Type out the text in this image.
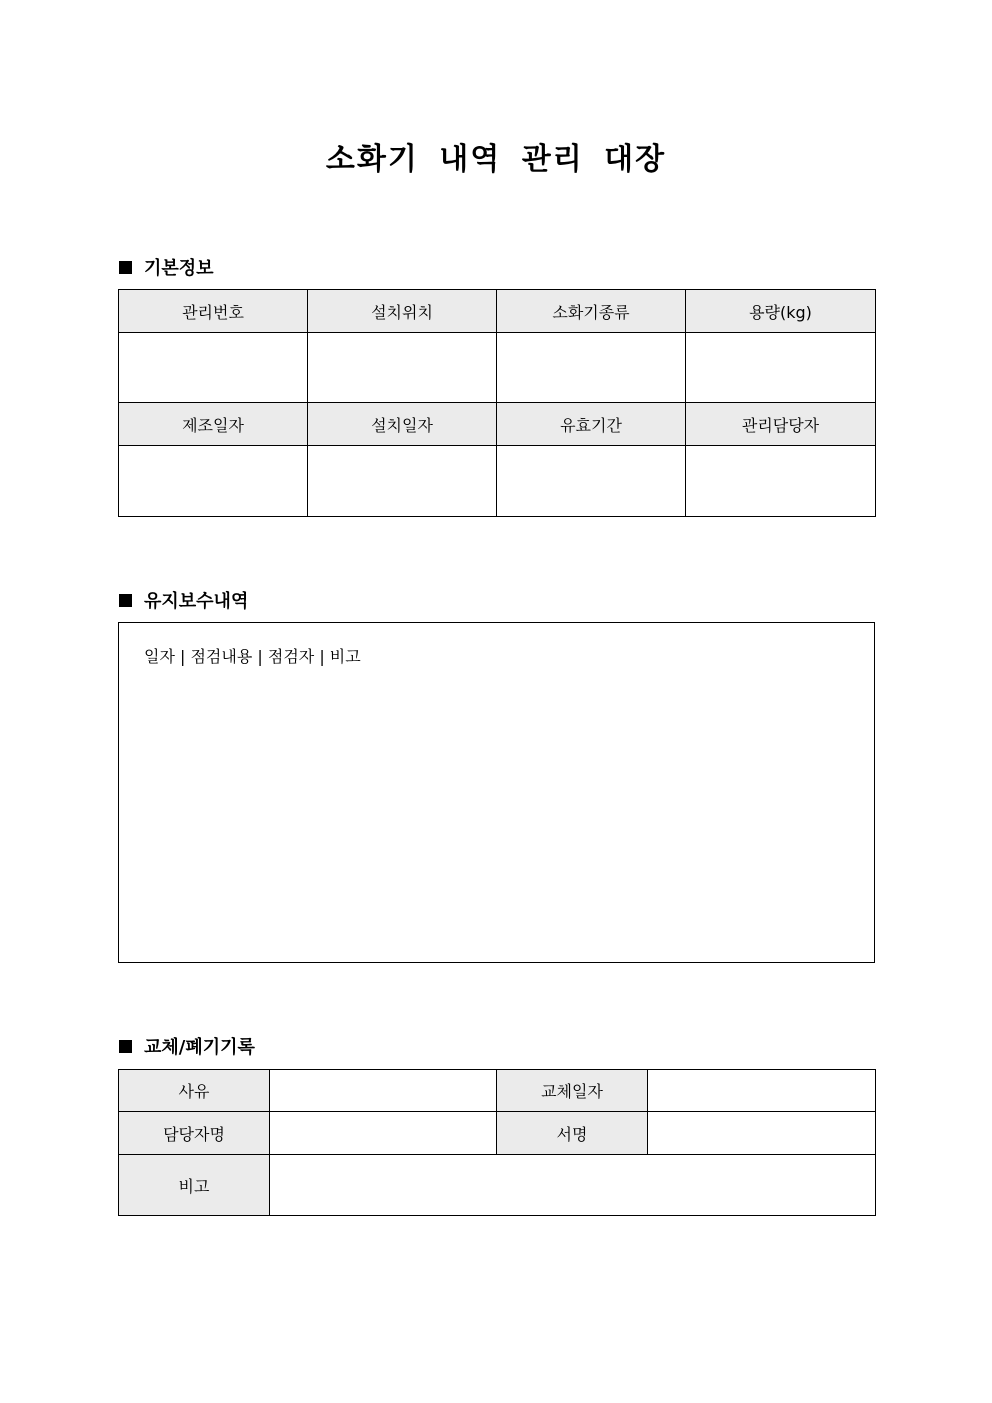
소화기 내역 관리 대장
기본정보
관리번호	설치위치	소화기종류	용량(kg)

제조일자	설치일자	유효기간	관리담당자

유지보수내역
일자 | 점검내용 | 점검자 | 비고
교체/폐기기록
사유		교체일자	
담당자명		서명	
비고			
